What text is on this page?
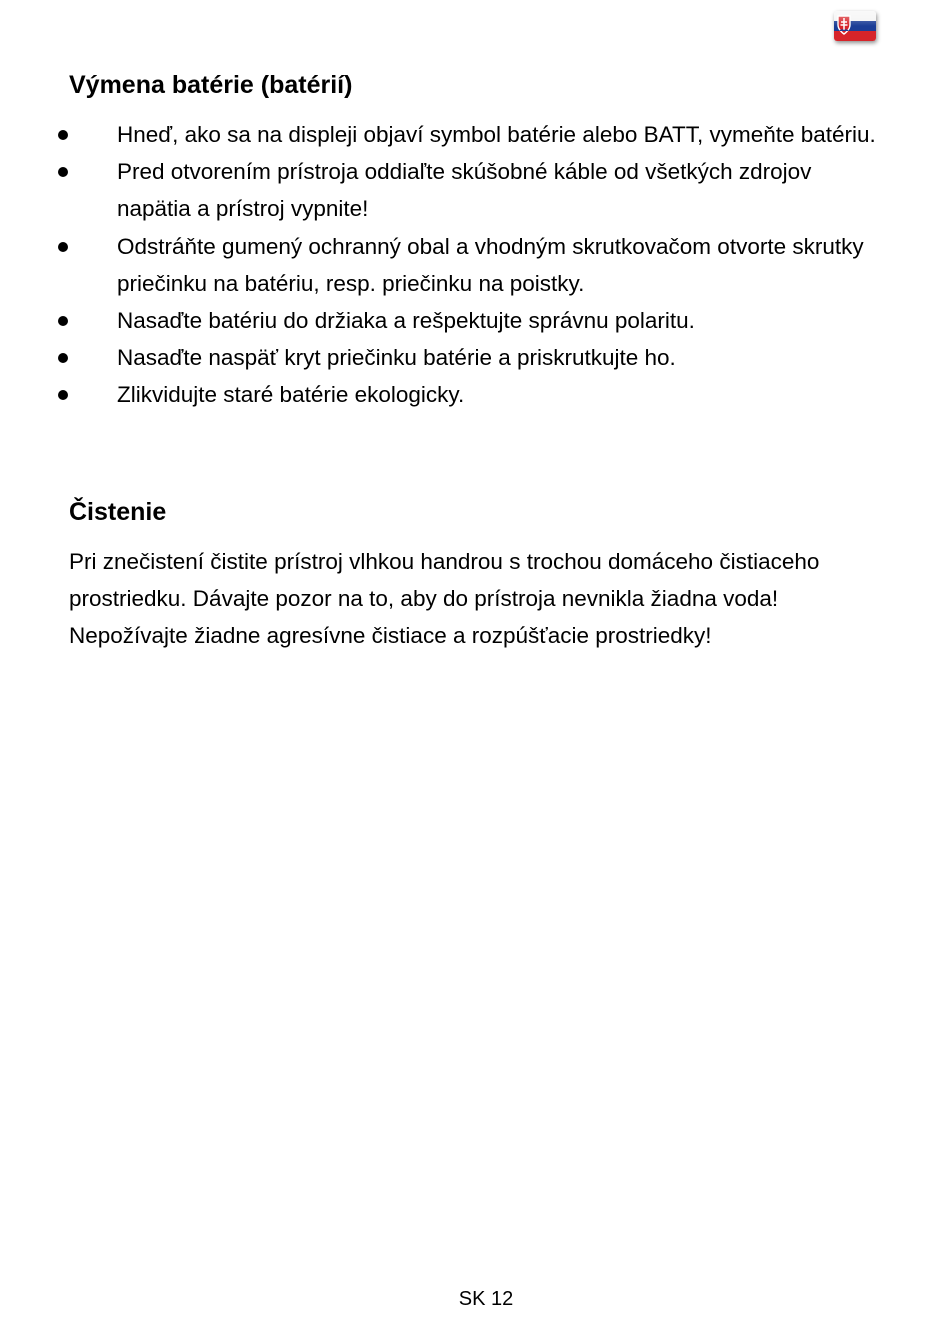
Výmena batérie (batérií)
Hneď, ako sa na displeji objaví symbol batérie alebo BATT, vymeňte batériu.
Pred otvorením prístroja oddiaľte skúšobné káble od všetkých zdrojov napätia a prístroj vypnite!
Odstráňte gumený ochranný obal a vhodným skrutkovačom otvorte skrutky priečinku na batériu, resp. priečinku na poistky.
Nasaďte batériu do držiaka a rešpektujte správnu polaritu.
Nasaďte naspäť kryt priečinku batérie a priskrutkujte ho.
Zlikvidujte staré batérie ekologicky.
Čistenie

Pri znečistení čistite prístroj vlhkou handrou s trochou domáceho čistiaceho prostriedku. Dávajte pozor na to, aby do prístroja nevnikla žiadna voda! Nepožívajte žiadne agresívne čistiace a rozpúšťacie prostriedky!

SK 12
